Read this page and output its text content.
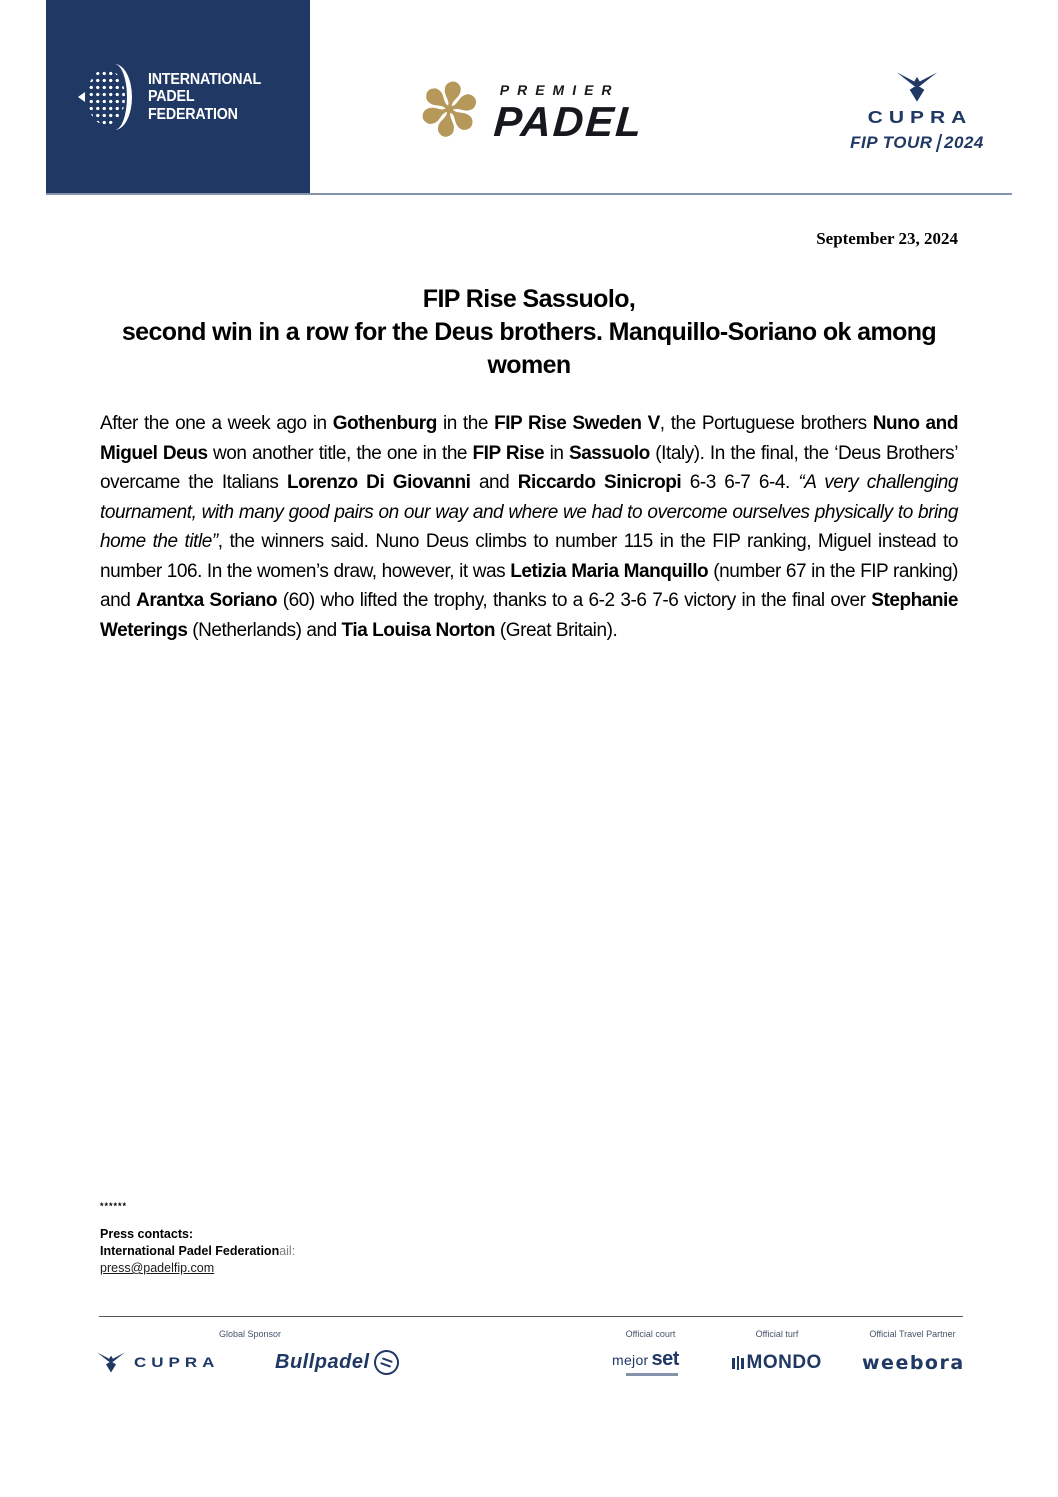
INTERNATIONAL
PADEL
FEDERATION	✽ PREMIER
PADEL	CUPRA
FIP TOUR 2024
September 23, 2024
FIP Rise Sassuolo,
second win in a row for the Deus brothers. Manquillo-Soriano ok among women

After the one a week ago in Gothenburg in the FIP Rise Sweden V, the Portuguese brothers Nuno and Miguel Deus won another title, the one in the FIP Rise in Sassuolo (Italy). In the final, the ‘Deus Brothers’ overcame the Italians Lorenzo Di Giovanni and Riccardo Sinicropi 6-3 6-7 6-4. “A very challenging tournament, with many good pairs on our way and where we had to overcome ourselves physically to bring home the title”, the winners said. Nuno Deus climbs to number 115 in the FIP ranking, Miguel instead to number 106. In the women’s draw, however, it was Letizia Maria Manquillo (number 67 in the FIP ranking) and Arantxa Soriano (60) who lifted the trophy, thanks to a 6-2 3-6 7-6 victory in the final over Stephanie Weterings (Netherlands) and Tia Louisa Norton (Great Britain).

******
Press contacts:
International Padel Federationail:
press@padelfip.com
Global Sponsor	Official court	Official turf	Official Travel Partner
CUPRA	Bullpadel	mejor set	MONDO weebora
